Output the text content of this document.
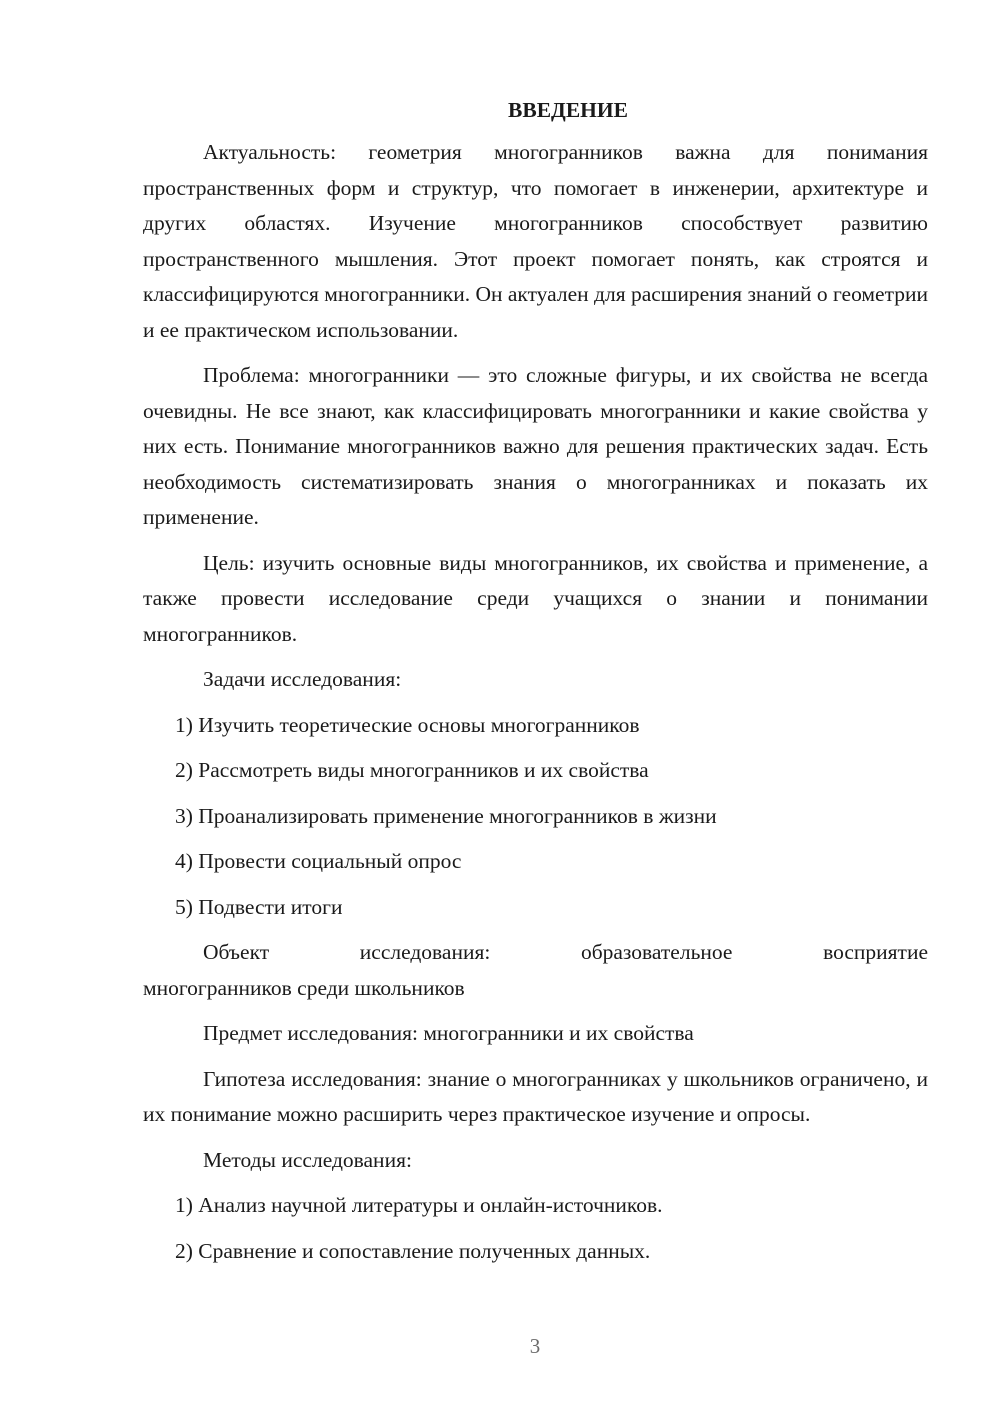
ВВЕДЕНИЕ

Актуальность: геометрия многогранников важна для понимания пространственных форм и структур, что помогает в инженерии, архитектуре и других областях. Изучение многогранников способствует развитию пространственного мышления. Этот проект помогает понять, как строятся и классифицируются многогранники. Он актуален для расширения знаний о геометрии и ее практическом использовании.

Проблема: многогранники — это сложные фигуры, и их свойства не всегда очевидны. Не все знают, как классифицировать многогранники и какие свойства у них есть. Понимание многогранников важно для решения практических задач. Есть необходимость систематизировать знания о многогранниках и показать их применение.

Цель: изучить основные виды многогранников, их свойства и применение, а также провести исследование среди учащихся о знании и понимании многогранников.

Задачи исследования:

1) Изучить теоретические основы многогранников

2) Рассмотреть виды многогранников и их свойства

3) Проанализировать применение многогранников в жизни

4) Провести социальный опрос

5) Подвести итоги

Объект исследования: образовательное восприятие

многогранников среди школьников

Предмет исследования: многогранники и их свойства

Гипотеза исследования: знание о многогранниках у школьников ограничено, и их понимание можно расширить через практическое изучение и опросы.

Методы исследования:

1) Анализ научной литературы и онлайн-источников.

2) Сравнение и сопоставление полученных данных.

3
